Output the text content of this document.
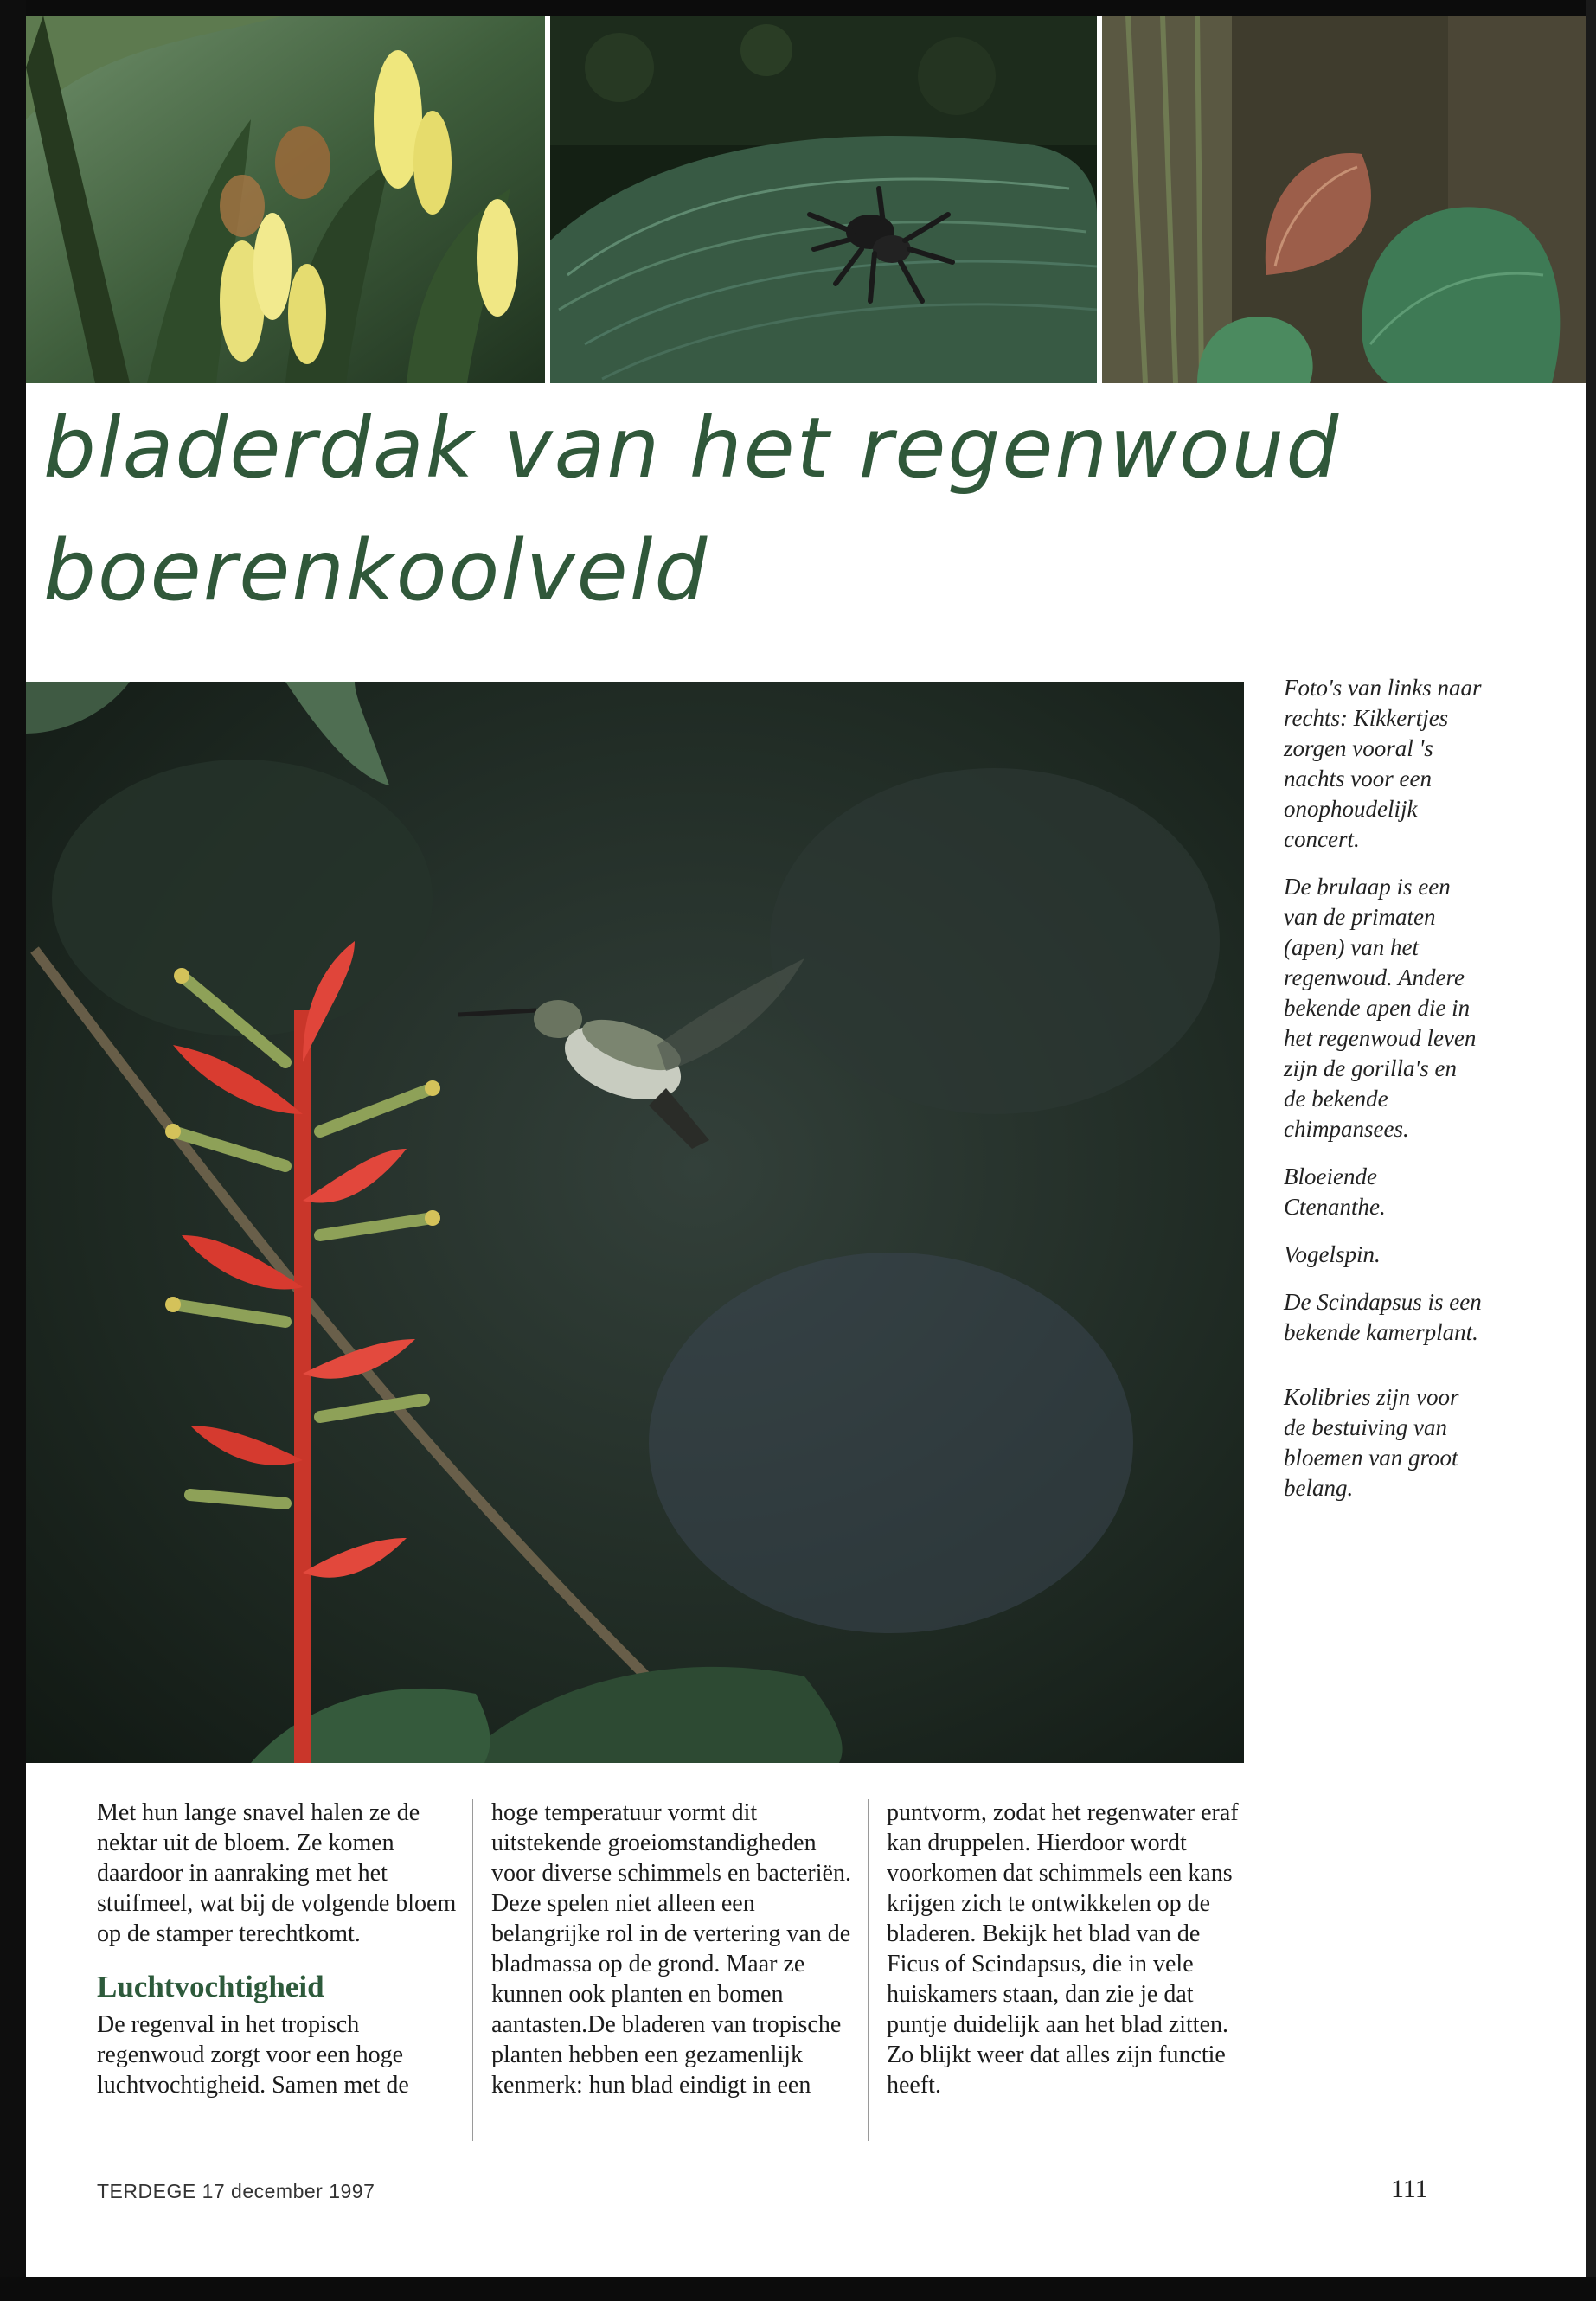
bladerdak van het regenwoud
boerenkoolveld

Foto's van links naar rechts: Kikkertjes zorgen vooral 's nachts voor een onophoudelijk concert.

De brulaap is een van de primaten (apen) van het regenwoud. Andere bekende apen die in het regenwoud leven zijn de gorilla's en de bekende chimpansees.

Bloeiende Ctenanthe.

Vogelspin.

De Scindapsus is een bekende kamerplant.

Kolibries zijn voor de bestuiving van bloemen van groot belang.

Met hun lange snavel halen ze de nektar uit de bloem. Ze komen daardoor in aanraking met het stuifmeel, wat bij de volgende bloem op de stamper terechtkomt.

Luchtvochtigheid

De regenval in het tropisch regenwoud zorgt voor een hoge luchtvochtigheid. Samen met de

hoge temperatuur vormt dit uitstekende groeiomstandigheden voor diverse schimmels en bacteriën. Deze spelen niet alleen een belangrijke rol in de vertering van de bladmassa op de grond. Maar ze kunnen ook planten en bomen aantasten.De bladeren van tropische planten hebben een gezamenlijk kenmerk: hun blad eindigt in een

puntvorm, zodat het regenwater eraf kan druppelen. Hierdoor wordt voorkomen dat schimmels een kans krijgen zich te ontwikkelen op de bladeren. Bekijk het blad van de Ficus of Scindapsus, die in vele huiskamers staan, dan zie je dat puntje duidelijk aan het blad zitten. Zo blijkt weer dat alles zijn functie heeft.

TERDEGE 17 december 1997	111
